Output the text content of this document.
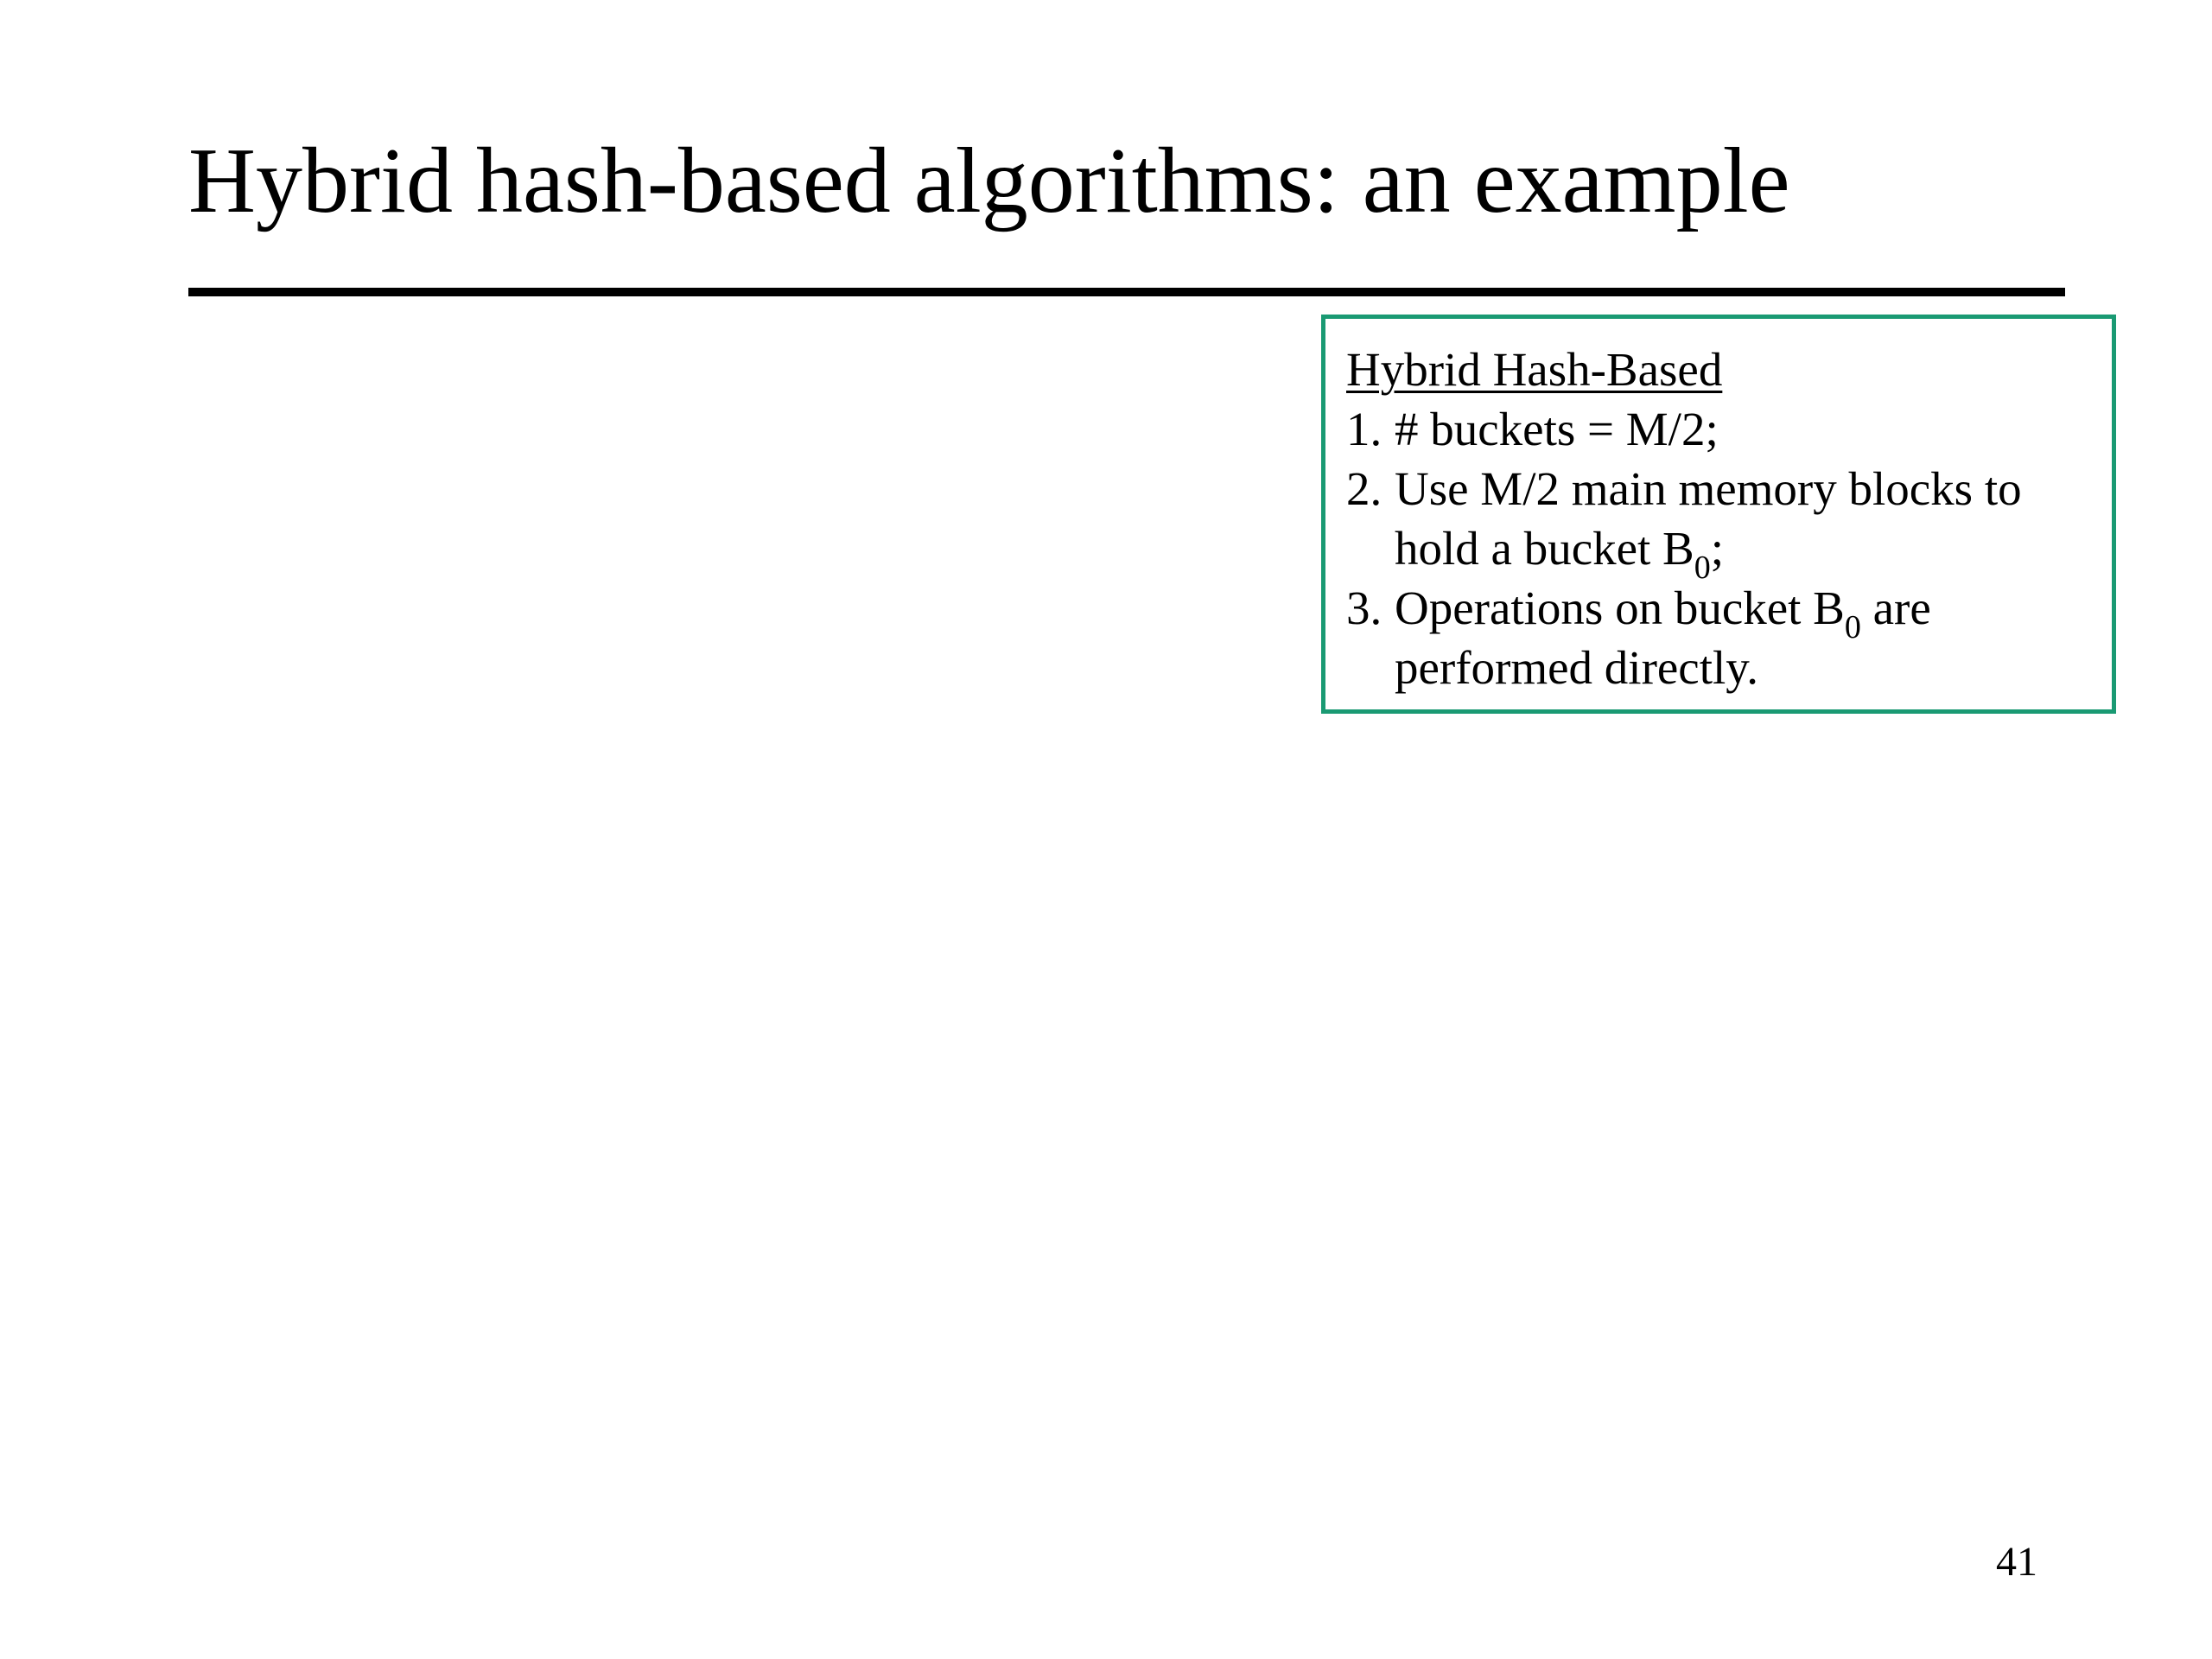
Hybrid hash-based algorithms: an example
Hybrid Hash-Based
1. # buckets = M/2;
2. Use M/2 main memory blocks to hold a bucket $B_0$;
3. Operations on bucket $B_0$ are performed directly.
41
